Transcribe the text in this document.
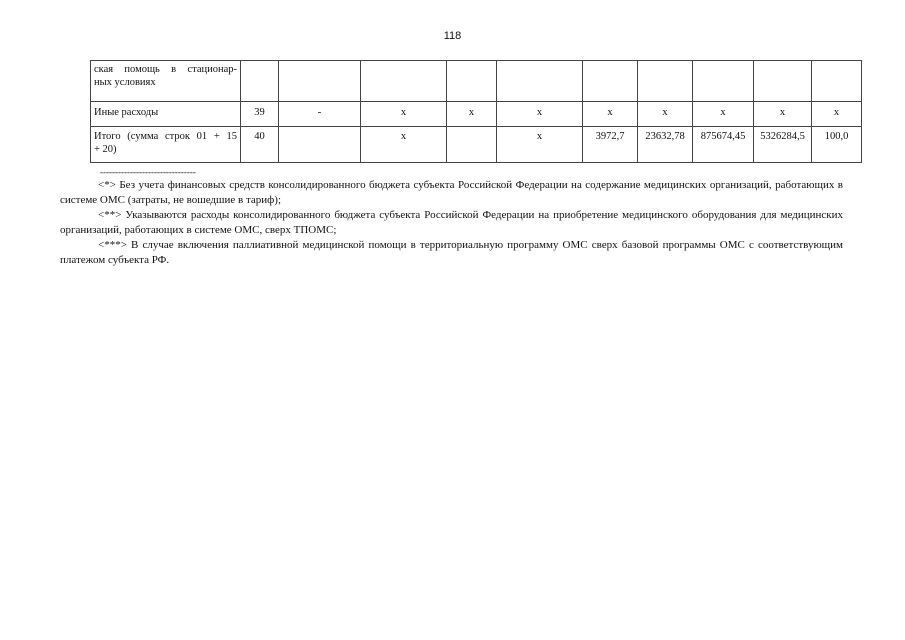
118
ская помощь в стационар-
ных условиях										

Иные расходы	39	-	x	x	x	x	x	x	x	x

Итого (сумма строк 01 + 15
+ 20)	40		x		x	3972,7	23632,78	875674,45	5326284,5	100,0
--------------------------------

<*> Без учета финансовых средств консолидированного бюджета субъекта Российской Федерации на содержание медицинских организаций, работающих в системе ОМС (затраты, не вошедшие в тариф);

<**> Указываются расходы консолидированного бюджета субъекта Российской Федерации на приобретение медицинского оборудования для медицинских организаций, работающих в системе ОМС, сверх ТПОМС;

<***> В случае включения паллиативной медицинской помощи в территориальную программу ОМС сверх базовой программы ОМС с соответствующим платежом субъекта РФ.
